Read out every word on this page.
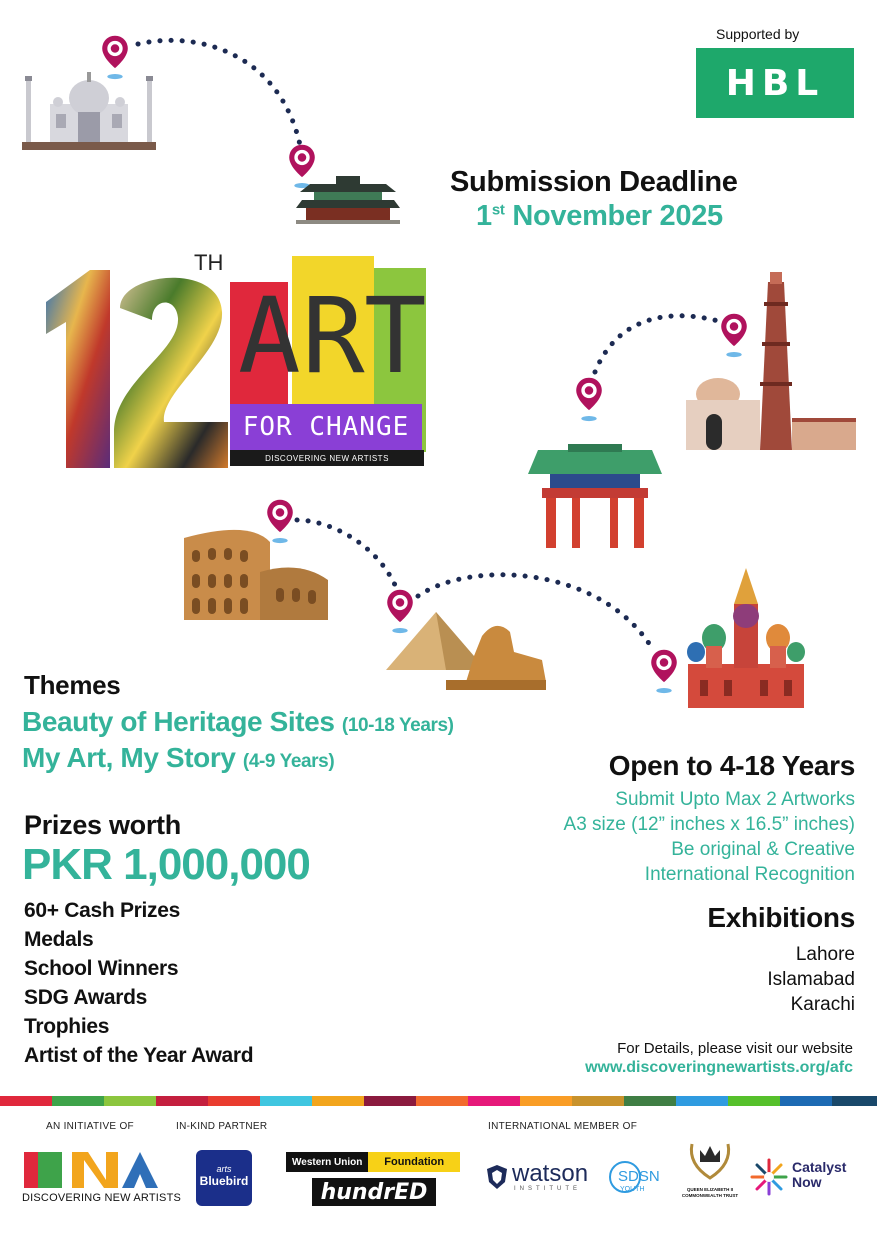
Supported by
HBL
Submission Deadline
1st November 2025
TH
A R T
FOR CHANGE
DISCOVERING NEW ARTISTS
Themes
Beauty of Heritage Sites (10-18 Years)
My Art, My Story (4-9 Years)
Prizes worth
PKR 1,000,000
60+ Cash Prizes
Medals
School Winners
SDG Awards
Trophies
Artist of the Year Award
Open to 4-18 Years
Submit Upto Max 2 Artworks
A3 size (12” inches x 16.5” inches)
Be original & Creative
International Recognition
Exhibitions
Lahore
Islamabad
Karachi
For Details, please visit our website
www.discoveringnewartists.org/afc
AN INITIATIVE OF	IN-KIND PARTNER	INTERNATIONAL MEMBER OF
DISCOVERING NEW ARTISTS
arts
Bluebird
Western Union	Foundation
hundrED
watson
INSTITUTE
SDSN
YOUTH	QUEEN ELIZABETH II COMMONWEALTH TRUST
Catalyst
Now
